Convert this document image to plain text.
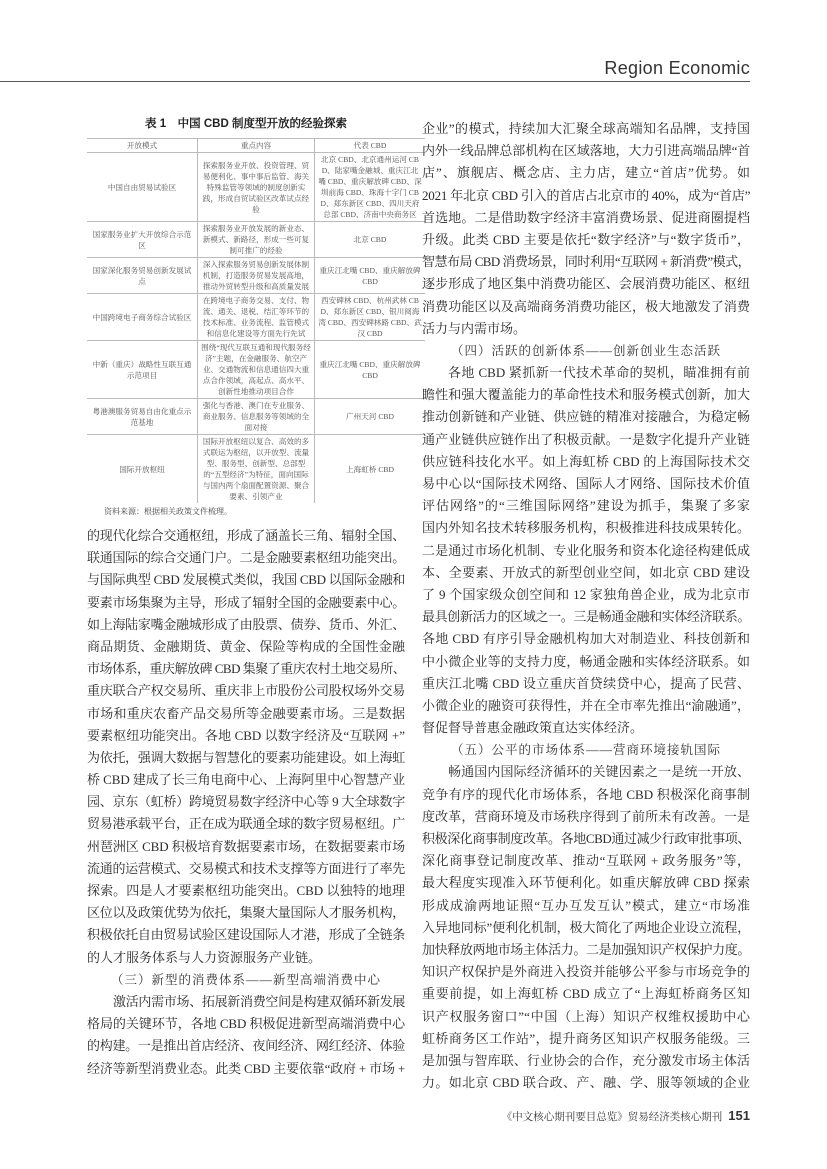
Region Economic
表 1　中国 CBD 制度型开放的经验探索
开放模式	重点内容	代表 CBD
中国自由贸易试验区	探索服务业开放、投资管理、贸易便利化、事中事后监管、海关特殊监管等领域的制度创新实践，形成自贸试验区改革试点经验	北京 CBD、北京通州运河 CBD、陆家嘴金融城、重庆江北嘴 CBD、重庆解放碑 CBD、深圳前海 CBD、珠海十字门 CBD、郑东新区 CBD、四川天府总部 CBD、济南中央商务区
国家服务业扩大开放综合示范区	探索服务业开放发展的新业态、新模式、新路径，形成一些可复制可推广的经验	北京 CBD
国家深化服务贸易创新发展试点	深入探索服务贸易创新发展体制机制，打造服务贸易发展高地，推动外贸转型升级和高质量发展	重庆江北嘴 CBD、重庆解放碑 CBD
中国跨境电子商务综合试验区	在跨境电子商务交易、支付、物流、通关、退税、结汇等环节的技术标准、业务流程、监管模式和信息化建设等方面先行先试	西安碑林 CBD、杭州武林 CBD、郑东新区 CBD、银川阅海湾 CBD、西安碑林路 CBD、武汉 CBD
中新（重庆）战略性互联互通示范项目	围绕“现代互联互通和现代服务经济”主题，在金融服务、航空产业、交通物流和信息通信四大重点合作领域，高起点、高水平、创新性地推动项目合作	重庆江北嘴 CBD、重庆解放碑 CBD
粤港澳服务贸易自由化重点示范基地	强化与香港、澳门在专业服务、商业服务、信息服务等领域的全面对接	广州天河 CBD
国际开放枢纽	国际开放枢纽以复合、高效的多式联运为枢纽，以开放型、流量型、服务型、创新型、总部型的“五型经济”为特征，面向国际与国内两个扇面配置资源、聚合要素、引领产业	上海虹桥 CBD
资料来源：根据相关政策文件梳理。
的现代化综合交通枢纽，形成了涵盖长三角、辐射全国、
联通国际的综合交通门户。二是金融要素枢纽功能突出。
与国际典型 CBD 发展模式类似，我国 CBD 以国际金融和
要素市场集聚为主导，形成了辐射全国的金融要素中心。
如上海陆家嘴金融城形成了由股票、债券、货币、外汇、
商品期货、金融期货、黄金、保险等构成的全国性金融
市场体系，重庆解放碑 CBD 集聚了重庆农村土地交易所、
重庆联合产权交易所、重庆非上市股份公司股权场外交易
市场和重庆农畜产品交易所等金融要素市场。三是数据
要素枢纽功能突出。各地 CBD 以数字经济及“互联网 +”
为依托，强调大数据与智慧化的要素功能建设。如上海虹
桥 CBD 建成了长三角电商中心、上海阿里中心智慧产业
园、京东（虹桥）跨境贸易数字经济中心等 9 大全球数字
贸易港承载平台，正在成为联通全球的数字贸易枢纽。广
州琶洲区 CBD 积极培育数据要素市场，在数据要素市场
流通的运营模式、交易模式和技术支撑等方面进行了率先
探索。四是人才要素枢纽功能突出。CBD 以独特的地理
区位以及政策优势为依托，集聚大量国际人才服务机构，
积极依托自由贸易试验区建设国际人才港，形成了全链条
的人才服务体系与人力资源服务产业链。
（三）新型的消费体系——新型高端消费中心
激活内需市场、拓展新消费空间是构建双循环新发展
格局的关键环节，各地 CBD 积极促进新型高端消费中心
的构建。一是推出首店经济、夜间经济、网红经济、体验
经济等新型消费业态。此类 CBD 主要依靠“政府 + 市场 +
企业”的模式，持续加大汇聚全球高端知名品牌，支持国
内外一线品牌总部机构在区域落地，大力引进高端品牌“首
店”、旗舰店、概念店、主力店，建立“首店”优势。如
2021 年北京 CBD 引入的首店占北京市的 40%，成为“首店”
首选地。二是借助数字经济丰富消费场景、促进商圈提档
升级。此类 CBD 主要是依托“数字经济”与“数字货币”，
智慧布局 CBD 消费场景，同时利用“互联网 + 新消费”模式，
逐步形成了地区集中消费功能区、会展消费功能区、枢纽
消费功能区以及高端商务消费功能区，极大地激发了消费
活力与内需市场。
（四）活跃的创新体系——创新创业生态活跃
各地 CBD 紧抓新一代技术革命的契机，瞄准拥有前
瞻性和强大覆盖能力的革命性技术和服务模式创新，加大
推动创新链和产业链、供应链的精准对接融合，为稳定畅
通产业链供应链作出了积极贡献。一是数字化提升产业链
供应链科技化水平。如上海虹桥 CBD 的上海国际技术交
易中心以“国际技术网络、国际人才网络、国际技术价值
评估网络”的“三维国际网络”建设为抓手，集聚了多家
国内外知名技术转移服务机构，积极推进科技成果转化。
二是通过市场化机制、专业化服务和资本化途径构建低成
本、全要素、开放式的新型创业空间，如北京 CBD 建设
了 9 个国家级众创空间和 12 家独角兽企业，成为北京市
最具创新活力的区域之一。三是畅通金融和实体经济联系。
各地 CBD 有序引导金融机构加大对制造业、科技创新和
中小微企业等的支持力度，畅通金融和实体经济联系。如
重庆江北嘴 CBD 设立重庆首贷续贷中心，提高了民营、
小微企业的融资可获得性，并在全市率先推出“渝融通”，
督促督导普惠金融政策直达实体经济。
（五）公平的市场体系——营商环境接轨国际
畅通国内国际经济循环的关键因素之一是统一开放、
竞争有序的现代化市场体系，各地 CBD 积极深化商事制
度改革，营商环境及市场秩序得到了前所未有改善。一是
积极深化商事制度改革。各地CBD通过减少行政审批事项、
深化商事登记制度改革、推动“互联网 + 政务服务”等，
最大程度实现准入环节便利化。如重庆解放碑 CBD 探索
形成成渝两地证照“互办互发互认”模式，建立“市场准
入异地同标”便利化机制，极大简化了两地企业设立流程，
加快释放两地市场主体活力。二是加强知识产权保护力度。
知识产权保护是外商进入投资并能够公平参与市场竞争的
重要前提，如上海虹桥 CBD 成立了“上海虹桥商务区知
识产权服务窗口”“中国（上海）知识产权维权援助中心
虹桥商务区工作站”，提升商务区知识产权服务能级。三
是加强与智库联、行业协会的合作，充分激发市场主体活
力。如北京 CBD 联合政、产、融、学、服等领域的企业
《中文核心期刊要目总览》贸易经济类核心期刊 151
